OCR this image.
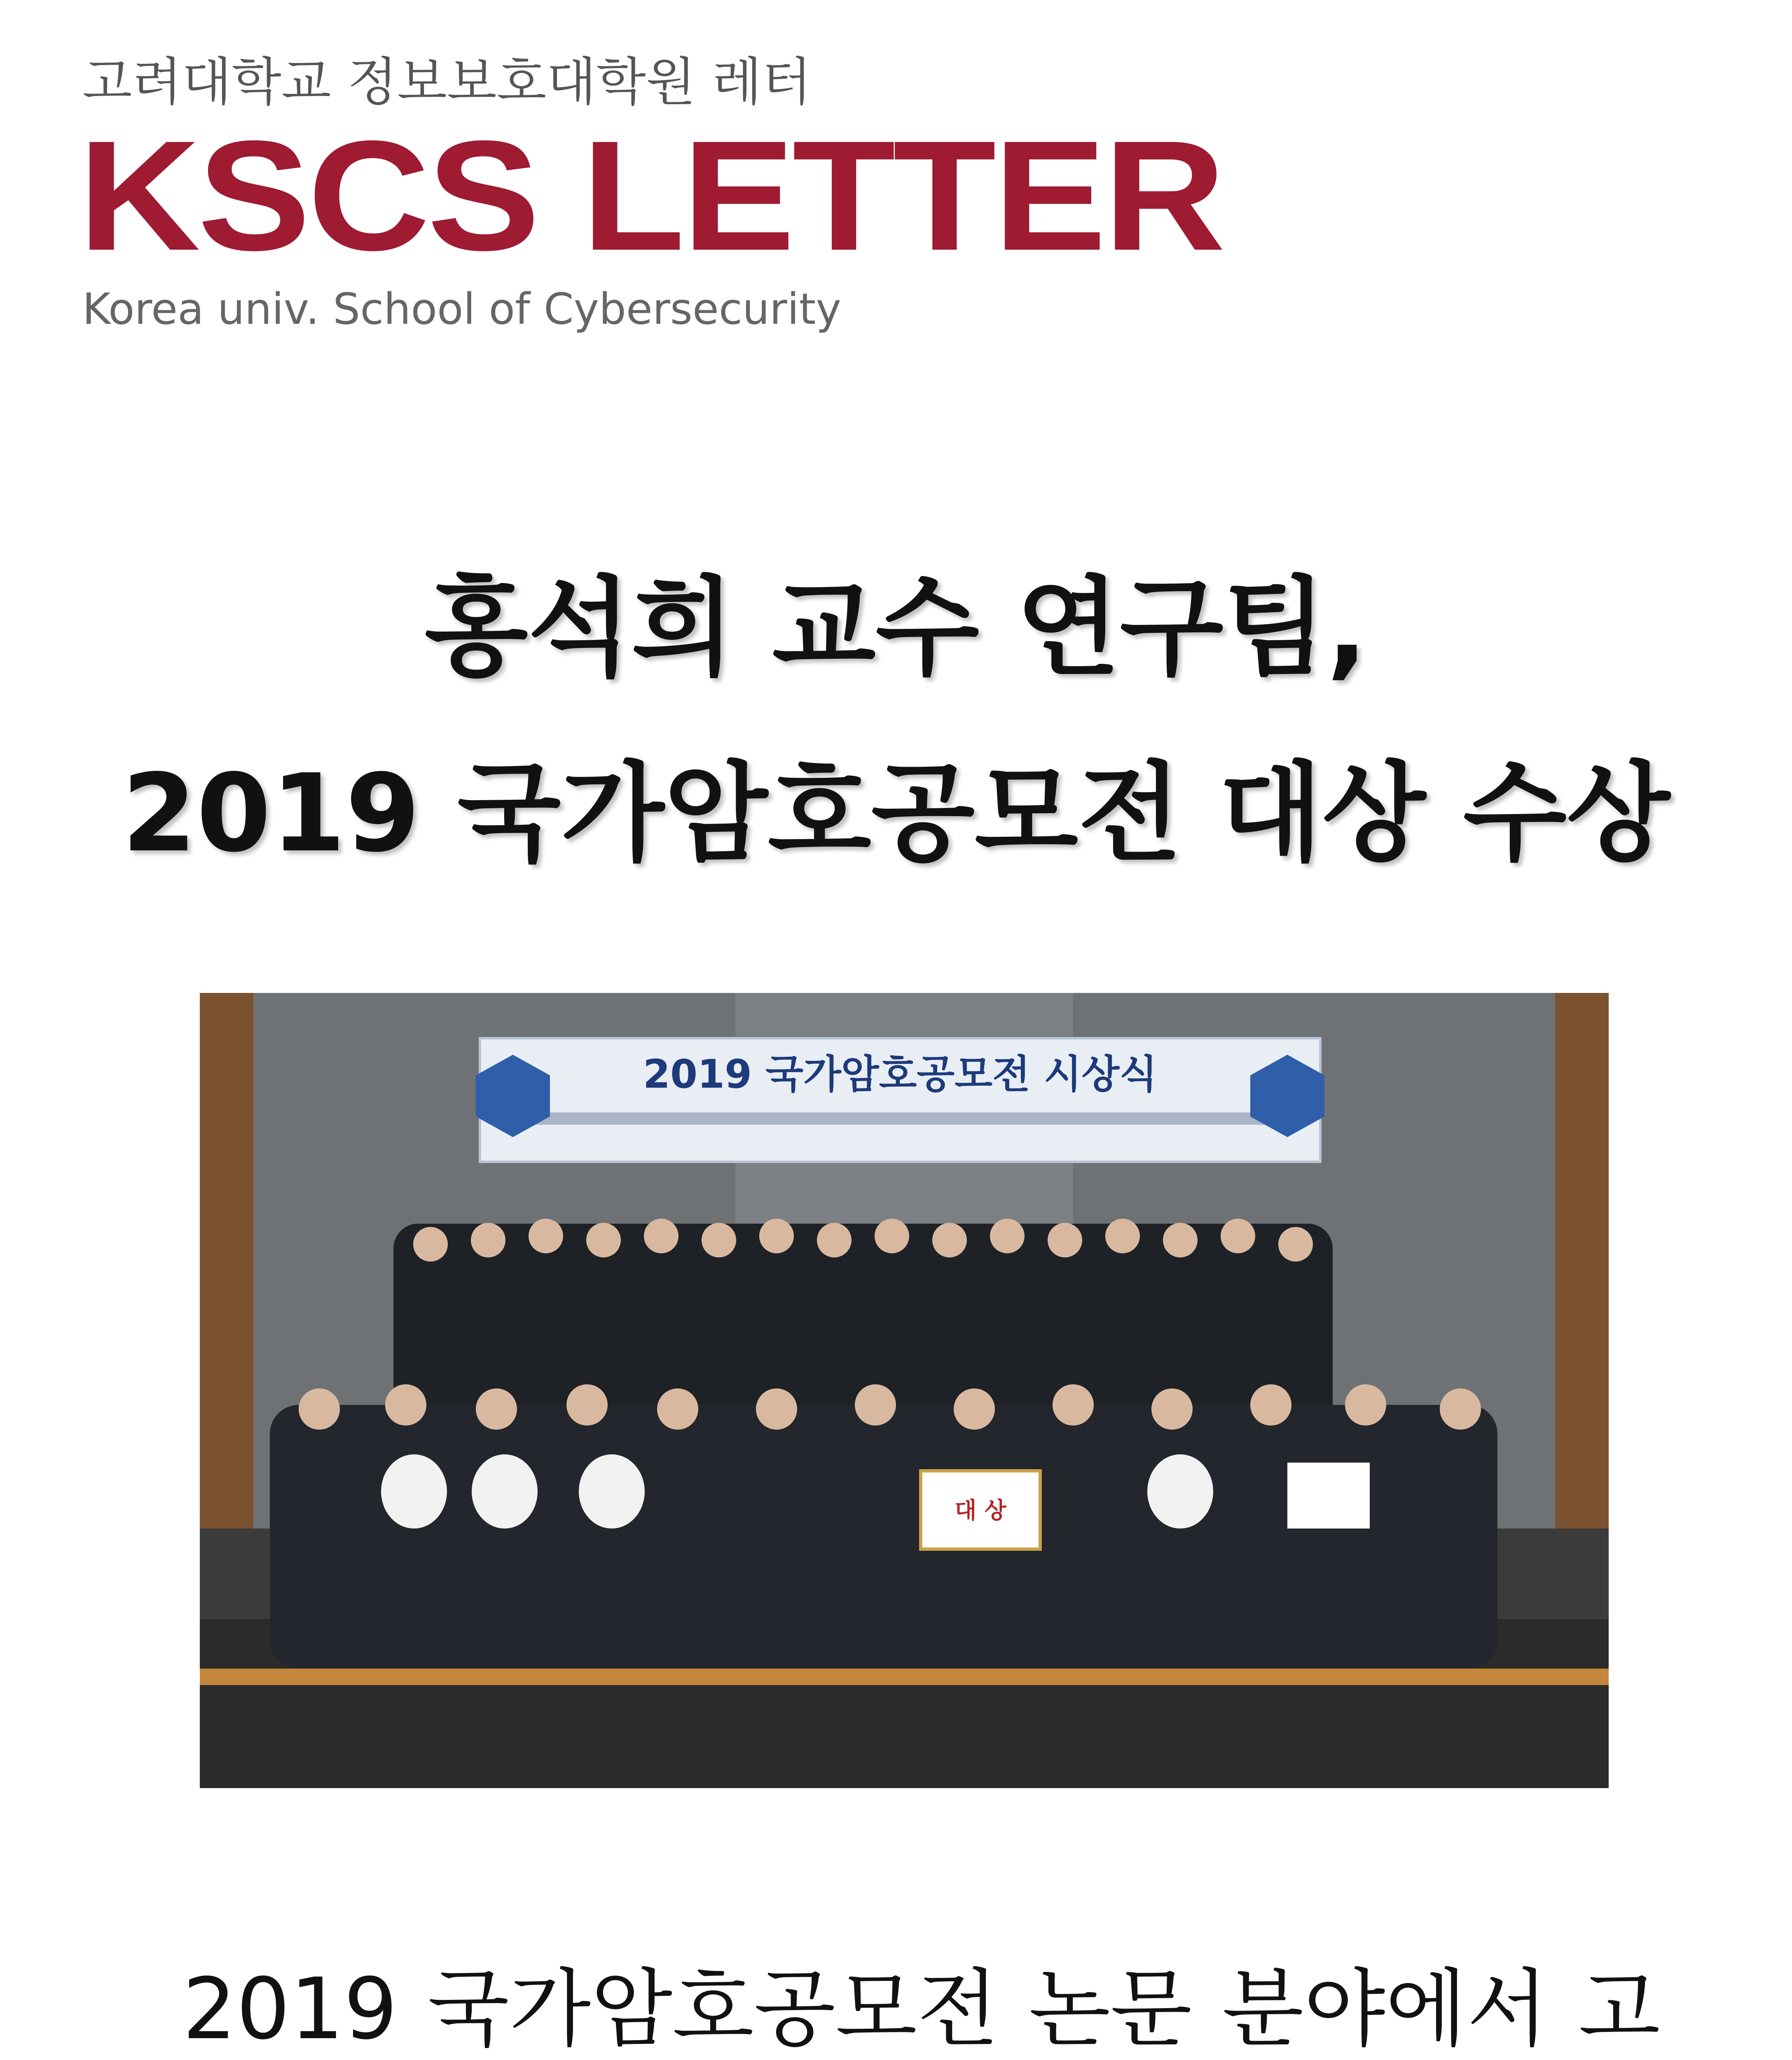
고려대학교 정보보호대학원 레터
KSCS LETTER
Korea univ. School of Cybersecurity
홍석희 교수 연구팀,
2019 국가암호공모전 대상 수상
2019 국가암호공모전 시상식
대 상
2019 국가암호공모전 논문 분야에서 고
